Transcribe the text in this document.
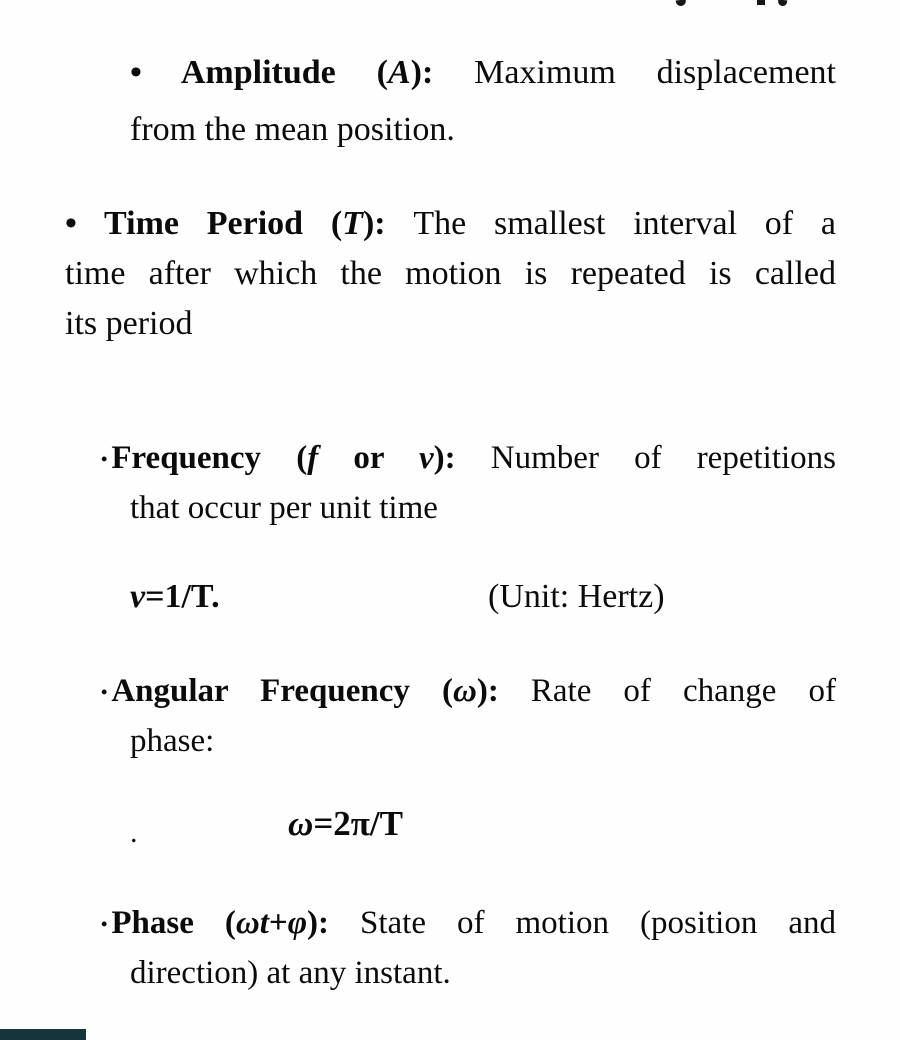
• Amplitude (A): Maximum displacement
from the mean position.
• Time Period (T): The smallest interval of a
time after which the motion is repeated is called
its period
• Frequency (f or ν): Number of repetitions
that occur per unit time
ν=1/T.	(Unit: Hertz)
• Angular Frequency (ω): Rate of change of
phase:
.	ω=2π/T
• Phase (ωt+φ): State of motion (position and
direction) at any instant.
